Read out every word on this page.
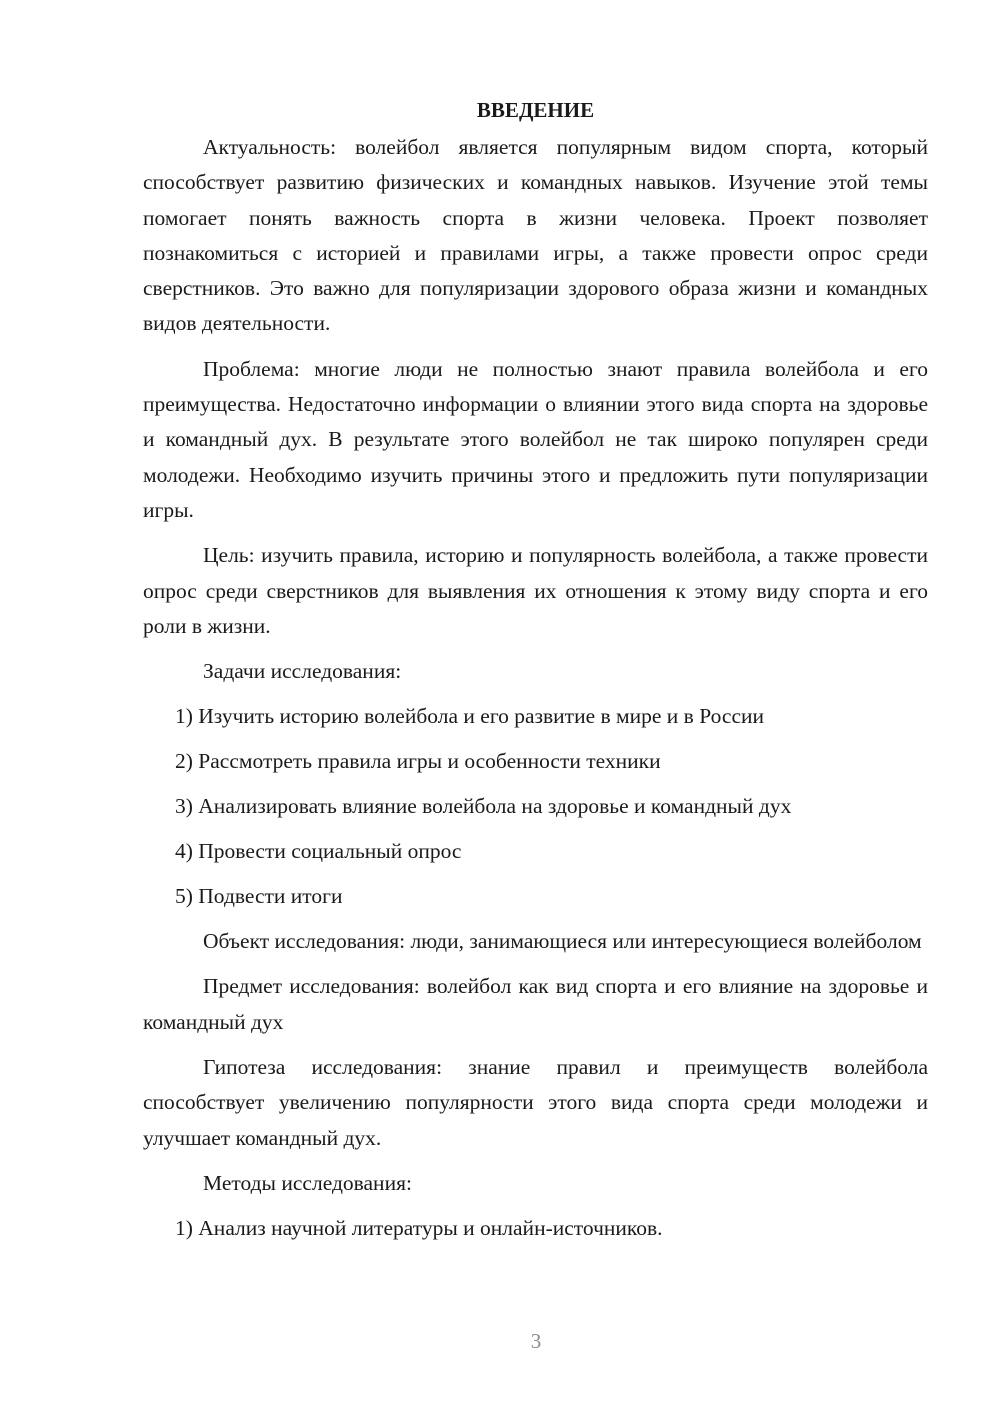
ВВЕДЕНИЕ

Актуальность: волейбол является популярным видом спорта, который способствует развитию физических и командных навыков. Изучение этой темы помогает понять важность спорта в жизни человека. Проект позволяет познакомиться с историей и правилами игры, а также провести опрос среди сверстников. Это важно для популяризации здорового образа жизни и командных видов деятельности.

Проблема: многие люди не полностью знают правила волейбола и его преимущества. Недостаточно информации о влиянии этого вида спорта на здоровье и командный дух. В результате этого волейбол не так широко популярен среди молодежи. Необходимо изучить причины этого и предложить пути популяризации игры.

Цель: изучить правила, историю и популярность волейбола, а также провести опрос среди сверстников для выявления их отношения к этому виду спорта и его роли в жизни.

Задачи исследования:

1) Изучить историю волейбола и его развитие в мире и в России
2) Рассмотреть правила игры и особенности техники
3) Анализировать влияние волейбола на здоровье и командный дух
4) Провести социальный опрос
5) Подвести итоги

Объект исследования: люди, занимающиеся или интересующиеся волейболом

Предмет исследования: волейбол как вид спорта и его влияние на здоровье и командный дух

Гипотеза исследования: знание правил и преимуществ волейбола способствует увеличению популярности этого вида спорта среди молодежи и улучшает командный дух.

Методы исследования:

1) Анализ научной литературы и онлайн-источников.
3
